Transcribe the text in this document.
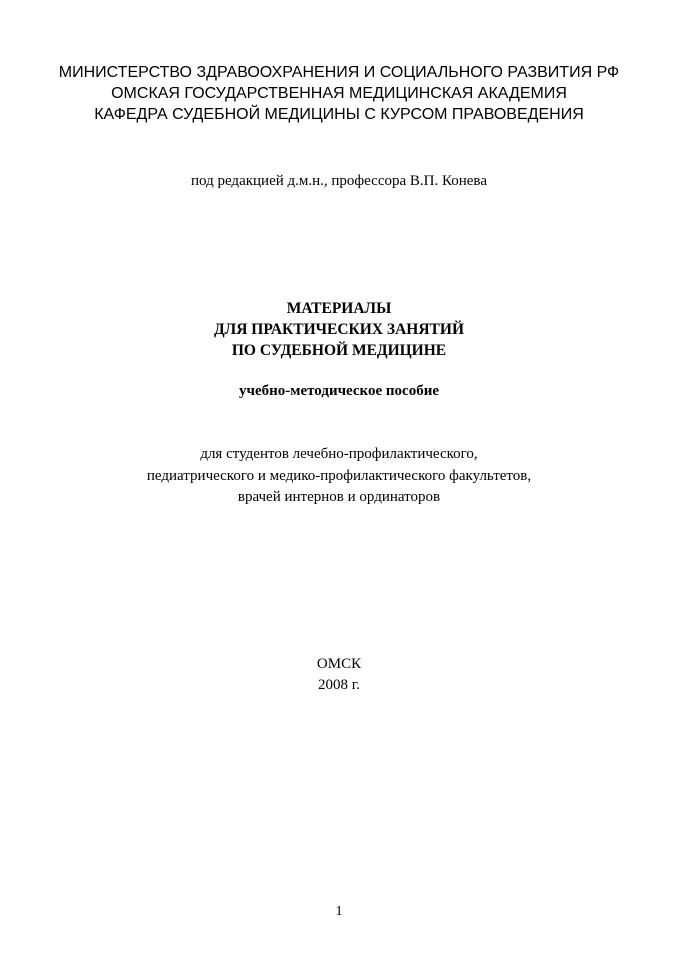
МИНИСТЕРСТВО ЗДРАВООХРАНЕНИЯ И СОЦИАЛЬНОГО РАЗВИТИЯ РФ
ОМСКАЯ ГОСУДАРСТВЕННАЯ МЕДИЦИНСКАЯ АКАДЕМИЯ
КАФЕДРА СУДЕБНОЙ МЕДИЦИНЫ С КУРСОМ ПРАВОВЕДЕНИЯ
под редакцией д.м.н., профессора В.П. Конева
МАТЕРИАЛЫ
ДЛЯ ПРАКТИЧЕСКИХ ЗАНЯТИЙ
ПО СУДЕБНОЙ МЕДИЦИНЕ
учебно-методическое пособие
для студентов лечебно-профилактического,
педиатрического и медико-профилактического факультетов,
врачей интернов и ординаторов
ОМСК
2008 г.
1
